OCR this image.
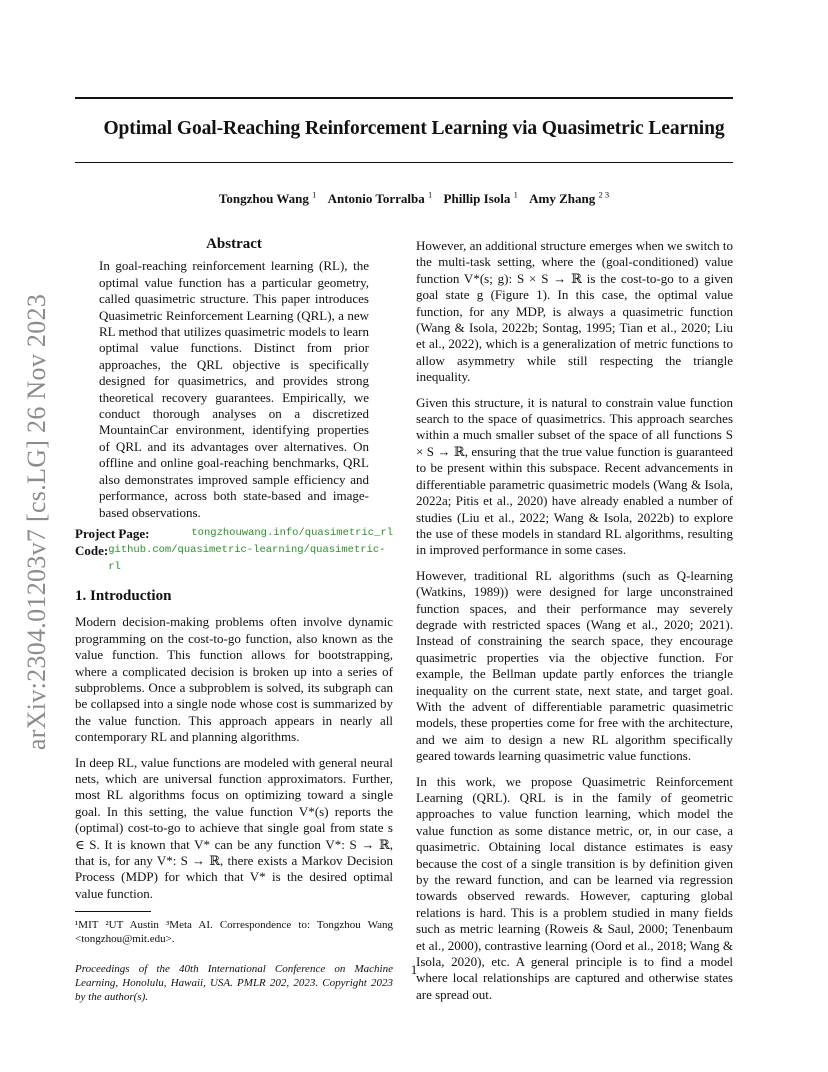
arXiv:2304.01203v7 [cs.LG] 26 Nov 2023
Optimal Goal-Reaching Reinforcement Learning via Quasimetric Learning
Tongzhou Wang $^1$ Antonio Torralba $^1$ Phillip Isola $^1$ Amy Zhang $^{2 3}$
Abstract

In goal-reaching reinforcement learning (RL), the optimal value function has a particular geometry, called quasimetric structure. This paper introduces Quasimetric Reinforcement Learning (QRL), a new RL method that utilizes quasimetric models to learn optimal value functions. Distinct from prior approaches, the QRL objective is specifically designed for quasimetrics, and provides strong theoretical recovery guarantees. Empirically, we conduct thorough analyses on a discretized MountainCar environment, identifying properties of QRL and its advantages over alternatives. On offline and online goal-reaching benchmarks, QRL also demonstrates improved sample efficiency and performance, across both state-based and image-based observations.

Project Page:	tongzhouwang.info/quasimetric_rl
Code: github.com/quasimetric-learning/quasimetric-rl
1. Introduction

Modern decision-making problems often involve dynamic programming on the cost-to-go function, also known as the value function. This function allows for bootstrapping, where a complicated decision is broken up into a series of subproblems. Once a subproblem is solved, its subgraph can be collapsed into a single node whose cost is summarized by the value function. This approach appears in nearly all contemporary RL and planning algorithms.

In deep RL, value functions are modeled with general neural nets, which are universal function approximators. Further, most RL algorithms focus on optimizing toward a single goal. In this setting, the value function V*(s) reports the (optimal) cost-to-go to achieve that single goal from state s ∈ S. It is known that V* can be any function V*: S → ℝ, that is, for any V*: S → ℝ, there exists a Markov Decision Process (MDP) for which that V* is the desired optimal value function.

¹MIT ²UT Austin ³Meta AI. Correspondence to: Tongzhou Wang <tongzhou@mit.edu>.
Proceedings of the 40th International Conference on Machine Learning, Honolulu, Hawaii, USA. PMLR 202, 2023. Copyright 2023 by the author(s).

However, an additional structure emerges when we switch to the multi-task setting, where the (goal-conditioned) value function V*(s; g): S × S → ℝ is the cost-to-go to a given goal state g (Figure 1). In this case, the optimal value function, for any MDP, is always a quasimetric function (Wang & Isola, 2022b; Sontag, 1995; Tian et al., 2020; Liu et al., 2022), which is a generalization of metric functions to allow asymmetry while still respecting the triangle inequality.

Given this structure, it is natural to constrain value function search to the space of quasimetrics. This approach searches within a much smaller subset of the space of all functions S × S → ℝ, ensuring that the true value function is guaranteed to be present within this subspace. Recent advancements in differentiable parametric quasimetric models (Wang & Isola, 2022a; Pitis et al., 2020) have already enabled a number of studies (Liu et al., 2022; Wang & Isola, 2022b) to explore the use of these models in standard RL algorithms, resulting in improved performance in some cases.

However, traditional RL algorithms (such as Q-learning (Watkins, 1989)) were designed for large unconstrained function spaces, and their performance may severely degrade with restricted spaces (Wang et al., 2020; 2021). Instead of constraining the search space, they encourage quasimetric properties via the objective function. For example, the Bellman update partly enforces the triangle inequality on the current state, next state, and target goal. With the advent of differentiable parametric quasimetric models, these properties come for free with the architecture, and we aim to design a new RL algorithm specifically geared towards learning quasimetric value functions.

In this work, we propose Quasimetric Reinforcement Learning (QRL). QRL is in the family of geometric approaches to value function learning, which model the value function as some distance metric, or, in our case, a quasimetric. Obtaining local distance estimates is easy because the cost of a single transition is by definition given by the reward function, and can be learned via regression towards observed rewards. However, capturing global relations is hard. This is a problem studied in many fields such as metric learning (Roweis & Saul, 2000; Tenenbaum et al., 2000), contrastive learning (Oord et al., 2018; Wang & Isola, 2020), etc. A general principle is to find a model where local relationships are captured and otherwise states are spread out.

1
